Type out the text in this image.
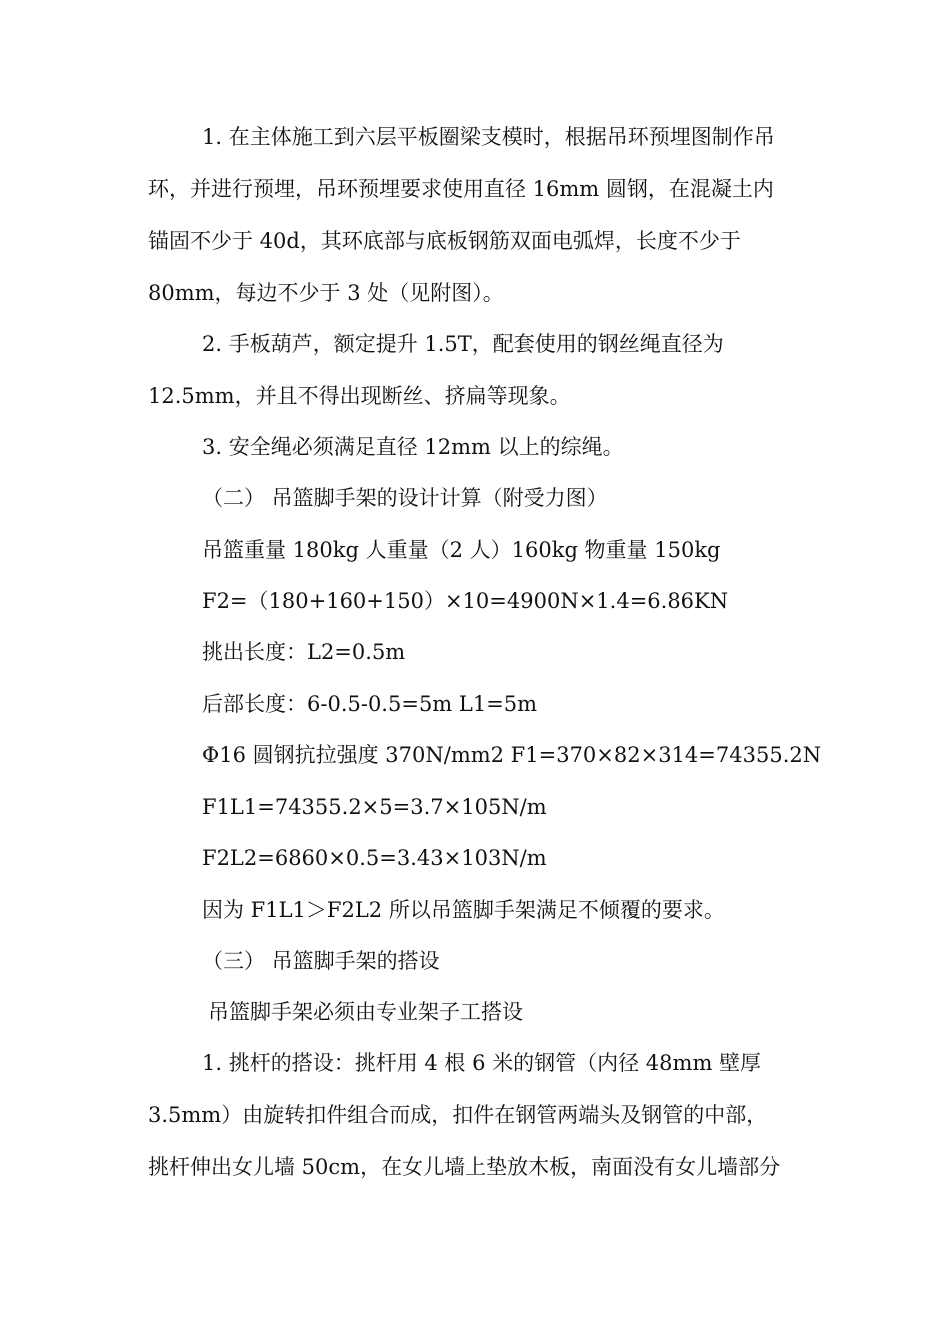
1. 在主体施工到六层平板圈梁支模时，根据吊环预埋图制作吊
环，并进行预埋，吊环预埋要求使用直径 16mm 圆钢，在混凝土内
锚固不少于 40d，其环底部与底板钢筋双面电弧焊，长度不少于
80mm，每边不少于 3 处（见附图）。
2. 手板葫芦，额定提升 1.5T，配套使用的钢丝绳直径为
12.5mm，并且不得出现断丝、挤扁等现象。
3. 安全绳必须满足直径 12mm 以上的综绳。
（二） 吊篮脚手架的设计计算（附受力图）
吊篮重量 180kg 人重量（2 人）160kg 物重量 150kg
F2=（180+160+150）×10=4900N×1.4=6.86KN
挑出长度：L2=0.5m
后部长度：6-0.5-0.5=5m L1=5m
Φ16 圆钢抗拉强度 370N/mm2 F1=370×82×314=74355.2N
F1L1=74355.2×5=3.7×105N/m
F2L2=6860×0.5=3.43×103N/m
因为 F1L1＞F2L2 所以吊篮脚手架满足不倾覆的要求。
（三） 吊篮脚手架的搭设
吊篮脚手架必须由专业架子工搭设
1. 挑杆的搭设：挑杆用 4 根 6 米的钢管（内径 48mm 壁厚
3.5mm）由旋转扣件组合而成，扣件在钢管两端头及钢管的中部，
挑杆伸出女儿墙 50cm，在女儿墙上垫放木板，南面没有女儿墙部分
